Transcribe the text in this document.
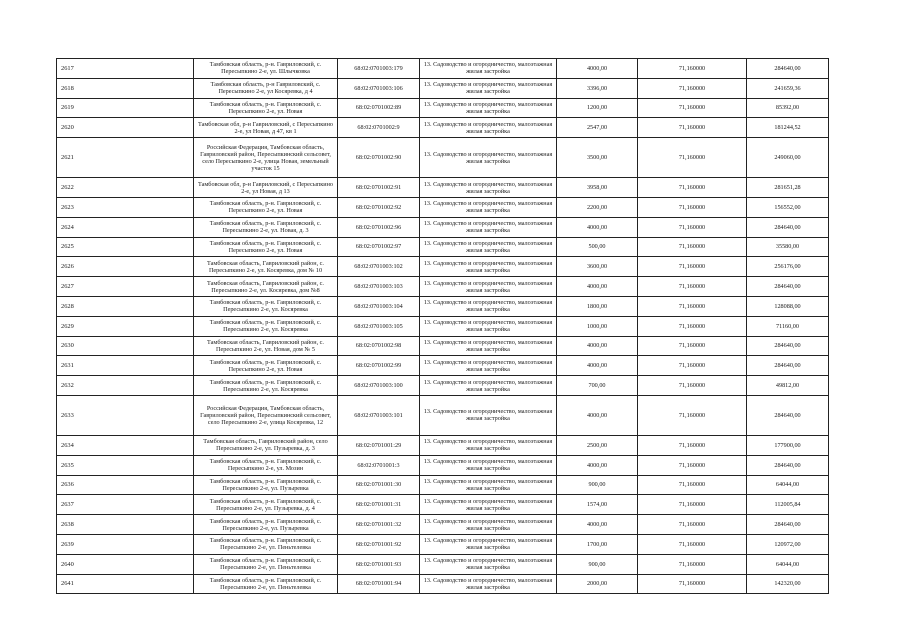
2617	Тамбовская область, р-н. Гавриловский, с. Пересыпкино 2-е, ул. Шлычковка	68:02:0701003:179	13. Садоводство и огородничество, малоэтажная жилая застройка	4000,00	71,160000	284640,00
2618	Тамбовская область, р-н Гавриловский, с. Пересыпкино 2-е, ул Косяревка, д 4	68:02:0701003:106	13. Садоводство и огородничество, малоэтажная жилая застройка	3396,00	71,160000	241659,36
2619	Тамбовская область, р-н. Гавриловский, с. Пересыпкино 2-е, ул. Новая	68:02:0701002:89	13. Садоводство и огородничество, малоэтажная жилая застройка	1200,00	71,160000	85392,00
2620	Тамбовская обл, р-н Гавриловский, с Пересыпкино 2-е, ул Новая, д 47, кв 1	68:02:0701002:9	13. Садоводство и огородничество, малоэтажная жилая застройка	2547,00	71,160000	181244,52
2621	Российская Федерация, Тамбовская область, Гавриловский район, Пересыпкинский сельсовет, село Пересыпкино 2-е, улица Новая, земельный участок 15	68:02:0701002:90	13. Садоводство и огородничество, малоэтажная жилая застройка	3500,00	71,160000	249060,00
2622	Тамбовская обл, р-н Гавриловский, с Пересыпкино 2-е, ул Новая, д 13	68:02:0701002:91	13. Садоводство и огородничество, малоэтажная жилая застройка	3958,00	71,160000	281651,28
2623	Тамбовская область, р-н. Гавриловский, с. Пересыпкино 2-е, ул. Новая	68:02:0701002:92	13. Садоводство и огородничество, малоэтажная жилая застройка	2200,00	71,160000	156552,00
2624	Тамбовская область, р-н. Гавриловский, с. Пересыпкино 2-е, ул. Новая, д. 3	68:02:0701002:96	13. Садоводство и огородничество, малоэтажная жилая застройка	4000,00	71,160000	284640,00
2625	Тамбовская область, р-н. Гавриловский, с. Пересыпкино 2-е, ул. Новая	68:02:0701002:97	13. Садоводство и огородничество, малоэтажная жилая застройка	500,00	71,160000	35580,00
2626	Тамбовская область, Гавриловский район, с. Пересыпкино 2-е, ул. Косяревка, дом № 10	68:02:0701003:102	13. Садоводство и огородничество, малоэтажная жилая застройка	3600,00	71,160000	256176,00
2627	Тамбовская область, Гавриловский район, с. Пересыпкино 2-е, ул. Косяревка, дом №8	68:02:0701003:103	13. Садоводство и огородничество, малоэтажная жилая застройка	4000,00	71,160000	284640,00
2628	Тамбовская область, р-н. Гавриловский, с. Пересыпкино 2-е, ул. Косяревка	68:02:0701003:104	13. Садоводство и огородничество, малоэтажная жилая застройка	1800,00	71,160000	128088,00
2629	Тамбовская область, р-н. Гавриловский, с. Пересыпкино 2-е, ул. Косяревка	68:02:0701003:105	13. Садоводство и огородничество, малоэтажная жилая застройка	1000,00	71,160000	71160,00
2630	Тамбовская область, Гавриловский район, с. Пересыпкино 2-е, ул. Новая, дом № 5	68:02:0701002:98	13. Садоводство и огородничество, малоэтажная жилая застройка	4000,00	71,160000	284640,00
2631	Тамбовская область, р-н. Гавриловский, с. Пересыпкино 2-е, ул. Новая	68:02:0701002:99	13. Садоводство и огородничество, малоэтажная жилая застройка	4000,00	71,160000	284640,00
2632	Тамбовская область, р-н. Гавриловский, с. Пересыпкино 2-е, ул. Косяревка	68:02:0701003:100	13. Садоводство и огородничество, малоэтажная жилая застройка	700,00	71,160000	49812,00
2633	Российская Федерация, Тамбовская область, Гавриловский район, Пересыпкинский сельсовет, село Пересыпкино 2-е, улица Косяревка, 12	68:02:0701003:101	13. Садоводство и огородничество, малоэтажная жилая застройка	4000,00	71,160000	284640,00
2634	Тамбовская область, Гавриловский район, село Пересыпкино 2-е, ул. Пузыревка, д. 3	68:02:0701001:29	13. Садоводство и огородничество, малоэтажная жилая застройка	2500,00	71,160000	177900,00
2635	Тамбовская область, р-н. Гавриловский, с. Пересыпкино 2-е, ул. Мозин	68:02:0701001:3	13. Садоводство и огородничество, малоэтажная жилая застройка	4000,00	71,160000	284640,00
2636	Тамбовская область, р-н. Гавриловский, с. Пересыпкино 2-е, ул. Пузыревка	68:02:0701001:30	13. Садоводство и огородничество, малоэтажная жилая застройка	900,00	71,160000	64044,00
2637	Тамбовская область, р-н. Гавриловский, с. Пересыпкино 2-е, ул. Пузыревка, д. 4	68:02:0701001:31	13. Садоводство и огородничество, малоэтажная жилая застройка	1574,00	71,160000	112005,84
2638	Тамбовская область, р-н. Гавриловский, с. Пересыпкино 2-е, ул. Пузыревка	68:02:0701001:32	13. Садоводство и огородничество, малоэтажная жилая застройка	4000,00	71,160000	284640,00
2639	Тамбовская область, р-н. Гавриловский, с. Пересыпкино 2-е, ул. Пеньтелевка	68:02:0701001:92	13. Садоводство и огородничество, малоэтажная жилая застройка	1700,00	71,160000	120972,00
2640	Тамбовская область, р-н. Гавриловский, с. Пересыпкино 2-е, ул. Пеньтелевка	68:02:0701001:93	13. Садоводство и огородничество, малоэтажная жилая застройка	900,00	71,160000	64044,00
2641	Тамбовская область, р-н. Гавриловский, с. Пересыпкино 2-е, ул. Пеньтелевка	68:02:0701001:94	13. Садоводство и огородничество, малоэтажная жилая застройка	2000,00	71,160000	142320,00
